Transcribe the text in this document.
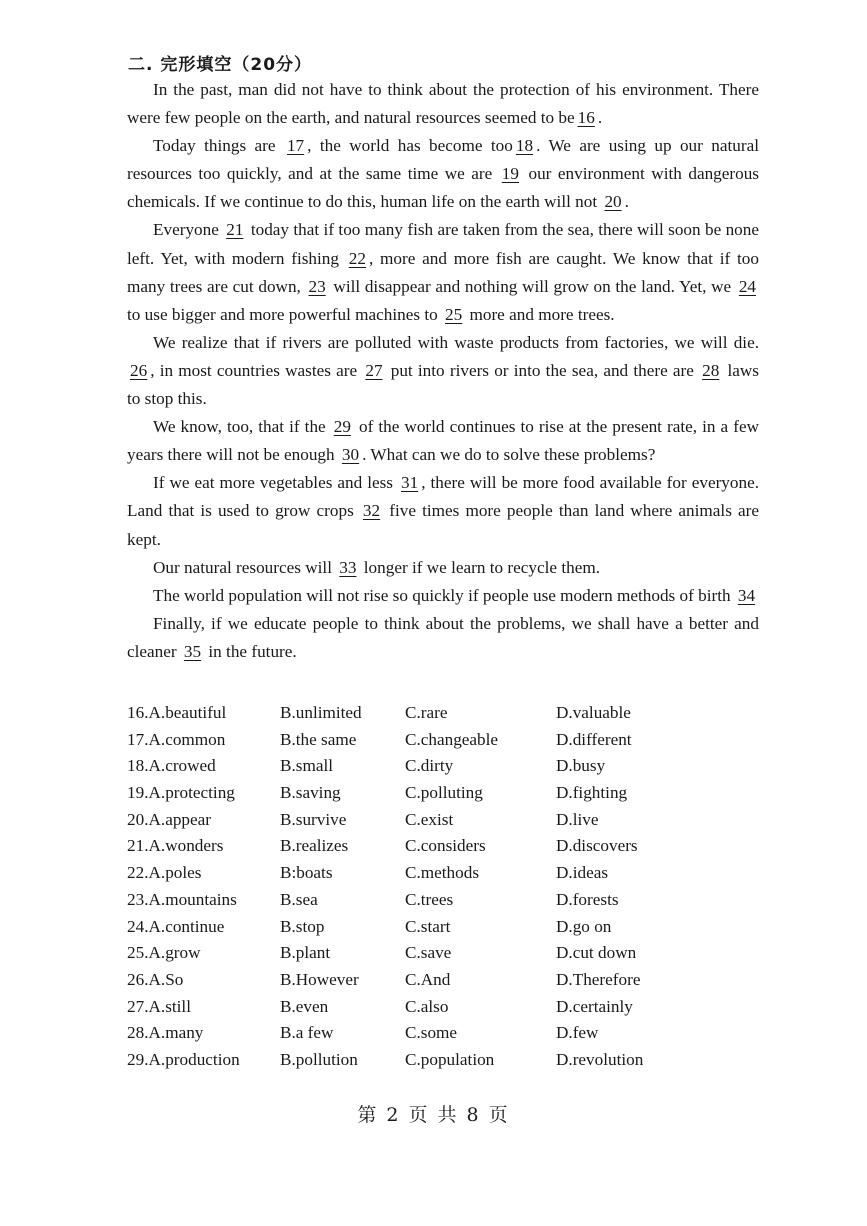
二. 完形填空（20分）

In the past, man did not have to think about the protection of his environment. There were few people on the earth, and natural resources seemed to be 16 .

Today things are 17 , the world has become too 18 . We are using up our natural resources too quickly, and at the same time we are 19 our environment with dangerous chemicals. If we continue to do this, human life on the earth will not 20 .

Everyone 21 today that if too many fish are taken from the sea, there will soon be none left. Yet, with modern fishing 22 , more and more fish are caught. We know that if too many trees are cut down, 23 will disappear and nothing will grow on the land. Yet, we 24 to use bigger and more powerful machines to 25 more and more trees.

We realize that if rivers are polluted with waste products from factories, we will die. 26 , in most countries wastes are 27 put into rivers or into the sea, and there are 28 laws to stop this.

We know, too, that if the 29 of the world continues to rise at the present rate, in a few years there will not be enough 30 . What can we do to solve these problems?

If we eat more vegetables and less 31 , there will be more food available for everyone. Land that is used to grow crops 32 five times more people than land where animals are kept.

Our natural resources will 33 longer if we learn to recycle them.

The world population will not rise so quickly if people use modern methods of birth 34

Finally, if we educate people to think about the problems, we shall have a better and cleaner 35 in the future.

16.A.beautiful	B.unlimited	C.rare	D.valuable
17.A.common	B.the same	C.changeable	D.different
18.A.crowed	B.small	C.dirty	D.busy
19.A.protecting	B.saving	C.polluting	D.fighting
20.A.appear	B.survive	C.exist	D.live
21.A.wonders	B.realizes	C.considers	D.discovers
22.A.poles	B:boats	C.methods	D.ideas
23.A.mountains	B.sea	C.trees	D.forests
24.A.continue	B.stop	C.start	D.go on
25.A.grow	B.plant	C.save	D.cut down
26.A.So	B.However	C.And	D.Therefore
27.A.still	B.even	C.also	D.certainly
28.A.many	B.a few	C.some	D.few
29.A.production B.pollution	C.population	D.revolution
第 2 页 共 8 页
